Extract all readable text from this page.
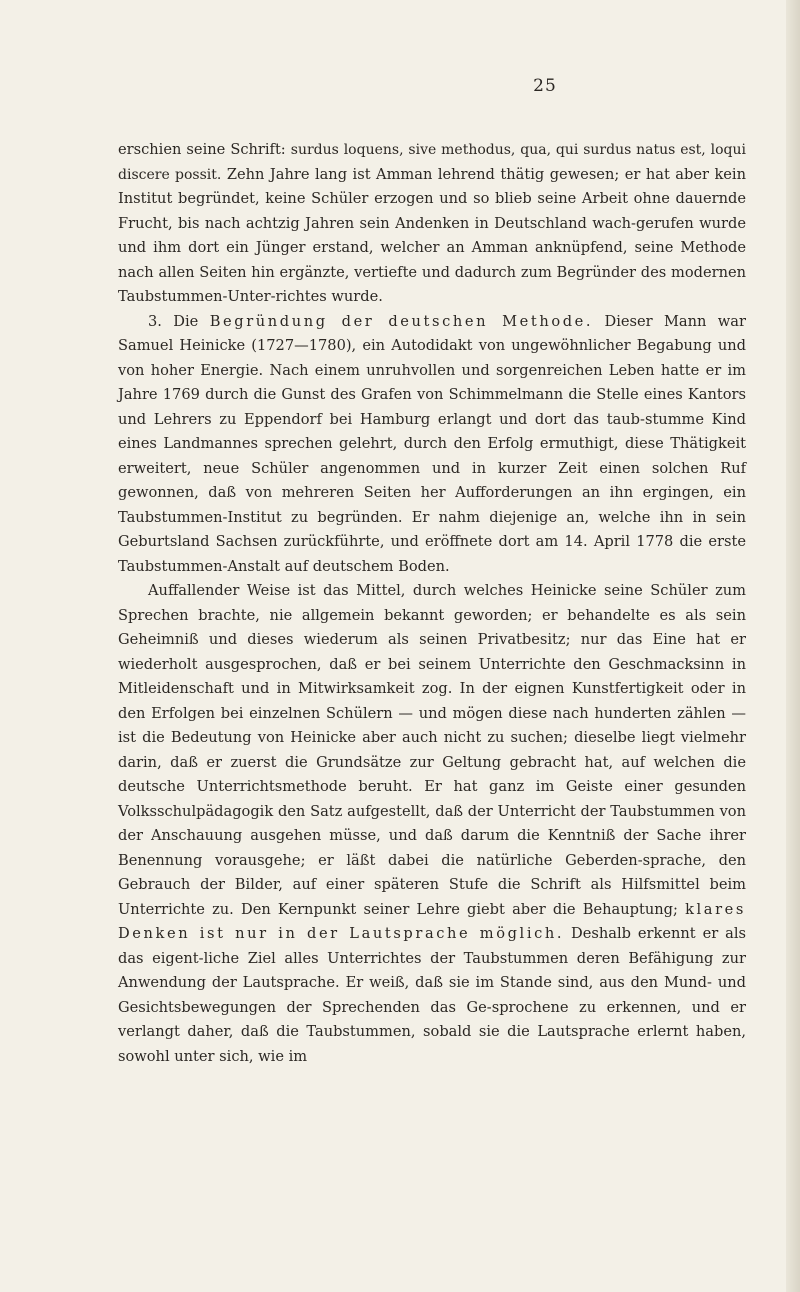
25

erschien seine Schrift: surdus loquens, sive methodus, qua, qui surdus natus est, loqui discere possit. Zehn Jahre lang ist Amman lehrend thätig gewesen; er hat aber kein Institut begründet, keine Schüler erzogen und so blieb seine Arbeit ohne dauernde Frucht, bis nach achtzig Jahren sein Andenken in Deutschland wach-gerufen wurde und ihm dort ein Jünger erstand, welcher an Amman anknüpfend, seine Methode nach allen Seiten hin ergänzte, vertiefte und dadurch zum Begründer des modernen Taubstummen-Unter-richtes wurde.

3. Die Begründung der deutschen Methode. Dieser Mann war Samuel Heinicke (1727—1780), ein Autodidakt von ungewöhnlicher Begabung und von hoher Energie. Nach einem unruhvollen und sorgenreichen Leben hatte er im Jahre 1769 durch die Gunst des Grafen von Schimmelmann die Stelle eines Kantors und Lehrers zu Eppendorf bei Hamburg erlangt und dort das taub-stumme Kind eines Landmannes sprechen gelehrt, durch den Erfolg ermuthigt, diese Thätigkeit erweitert, neue Schüler angenommen und in kurzer Zeit einen solchen Ruf gewonnen, daß von mehreren Seiten her Aufforderungen an ihn ergingen, ein Taubstummen-Institut zu begründen. Er nahm diejenige an, welche ihn in sein Geburtsland Sachsen zurückführte, und eröffnete dort am 14. April 1778 die erste Taubstummen-Anstalt auf deutschem Boden.

Auffallender Weise ist das Mittel, durch welches Heinicke seine Schüler zum Sprechen brachte, nie allgemein bekannt geworden; er behandelte es als sein Geheimniß und dieses wiederum als seinen Privatbesitz; nur das Eine hat er wiederholt ausgesprochen, daß er bei seinem Unterrichte den Geschmacksinn in Mitleidenschaft und in Mitwirksamkeit zog. In der eignen Kunstfertigkeit oder in den Erfolgen bei einzelnen Schülern — und mögen diese nach hunderten zählen — ist die Bedeutung von Heinicke aber auch nicht zu suchen; dieselbe liegt vielmehr darin, daß er zuerst die Grundsätze zur Geltung gebracht hat, auf welchen die deutsche Unterrichtsmethode beruht. Er hat ganz im Geiste einer gesunden Volksschulpädagogik den Satz aufgestellt, daß der Unterricht der Taubstummen von der Anschauung ausgehen müsse, und daß darum die Kenntniß der Sache ihrer Benennung vorausgehe; er läßt dabei die natürliche Geberden-sprache, den Gebrauch der Bilder, auf einer späteren Stufe die Schrift als Hilfsmittel beim Unterrichte zu. Den Kernpunkt seiner Lehre giebt aber die Behauptung; klares Denken ist nur in der Lautsprache möglich. Deshalb erkennt er als das eigent-liche Ziel alles Unterrichtes der Taubstummen deren Befähigung zur Anwendung der Lautsprache. Er weiß, daß sie im Stande sind, aus den Mund- und Gesichtsbewegungen der Sprechenden das Ge-sprochene zu erkennen, und er verlangt daher, daß die Taubstummen, sobald sie die Lautsprache erlernt haben, sowohl unter sich, wie im
